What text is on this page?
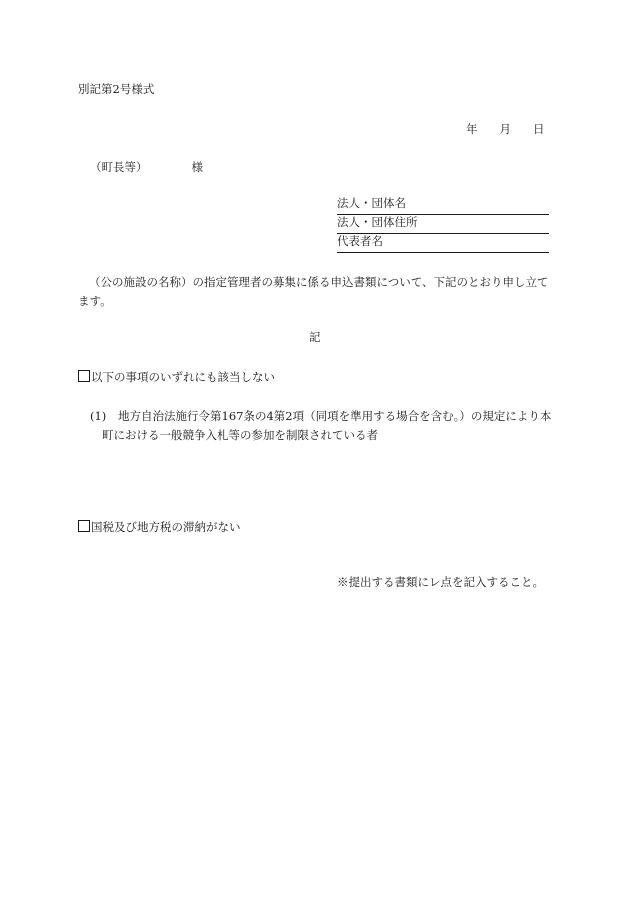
別記第2号様式
年 月 日
（町長等）	様
法人・団体名
法人・団体住所
代表者名
（公の施設の名称）の指定管理者の募集に係る申込書類について、下記のとおり申し立てます。
記
以下の事項のいずれにも該当しない
(1) 地方自治法施行令第167条の4第2項（同項を準用する場合を含む。）の規定により本
町における一般競争入札等の参加を制限されている者
国税及び地方税の滞納がない
※提出する書類にレ点を記入すること。
